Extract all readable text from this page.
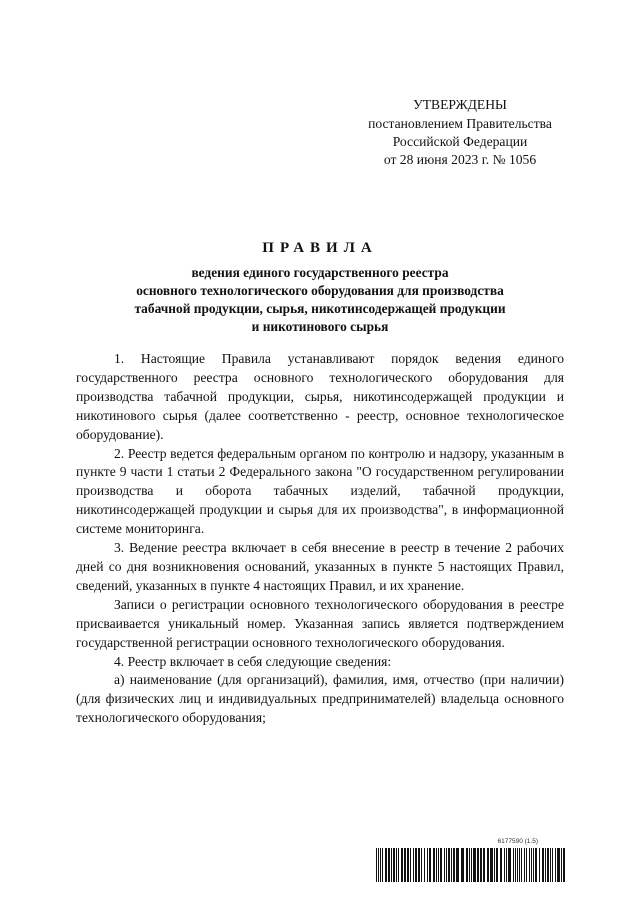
УТВЕРЖДЕНЫ
постановлением Правительства
Российской Федерации
от 28 июня 2023 г. № 1056
ПРАВИЛА
ведения единого государственного реестра
основного технологического оборудования для производства
табачной продукции, сырья, никотинсодержащей продукции
и никотинового сырья

1. Настоящие Правила устанавливают порядок ведения единого государственного реестра основного технологического оборудования для производства табачной продукции, сырья, никотинсодержащей продукции и никотинового сырья (далее соответственно - реестр, основное технологическое оборудование).

2. Реестр ведется федеральным органом по контролю и надзору, указанным в пункте 9 части 1 статьи 2 Федерального закона "О государственном регулировании производства и оборота табачных изделий, табачной продукции, никотинсодержащей продукции и сырья для их производства", в информационной системе мониторинга.

3. Ведение реестра включает в себя внесение в реестр в течение 2 рабочих дней со дня возникновения оснований, указанных в пункте 5 настоящих Правил, сведений, указанных в пункте 4 настоящих Правил, и их хранение.

Записи о регистрации основного технологического оборудования в реестре присваивается уникальный номер. Указанная запись является подтверждением государственной регистрации основного технологического оборудования.

4. Реестр включает в себя следующие сведения:

а) наименование (для организаций), фамилия, имя, отчество (при наличии) (для физических лиц и индивидуальных предпринимателей) владельца основного технологического оборудования;

6177590 (1.5)
